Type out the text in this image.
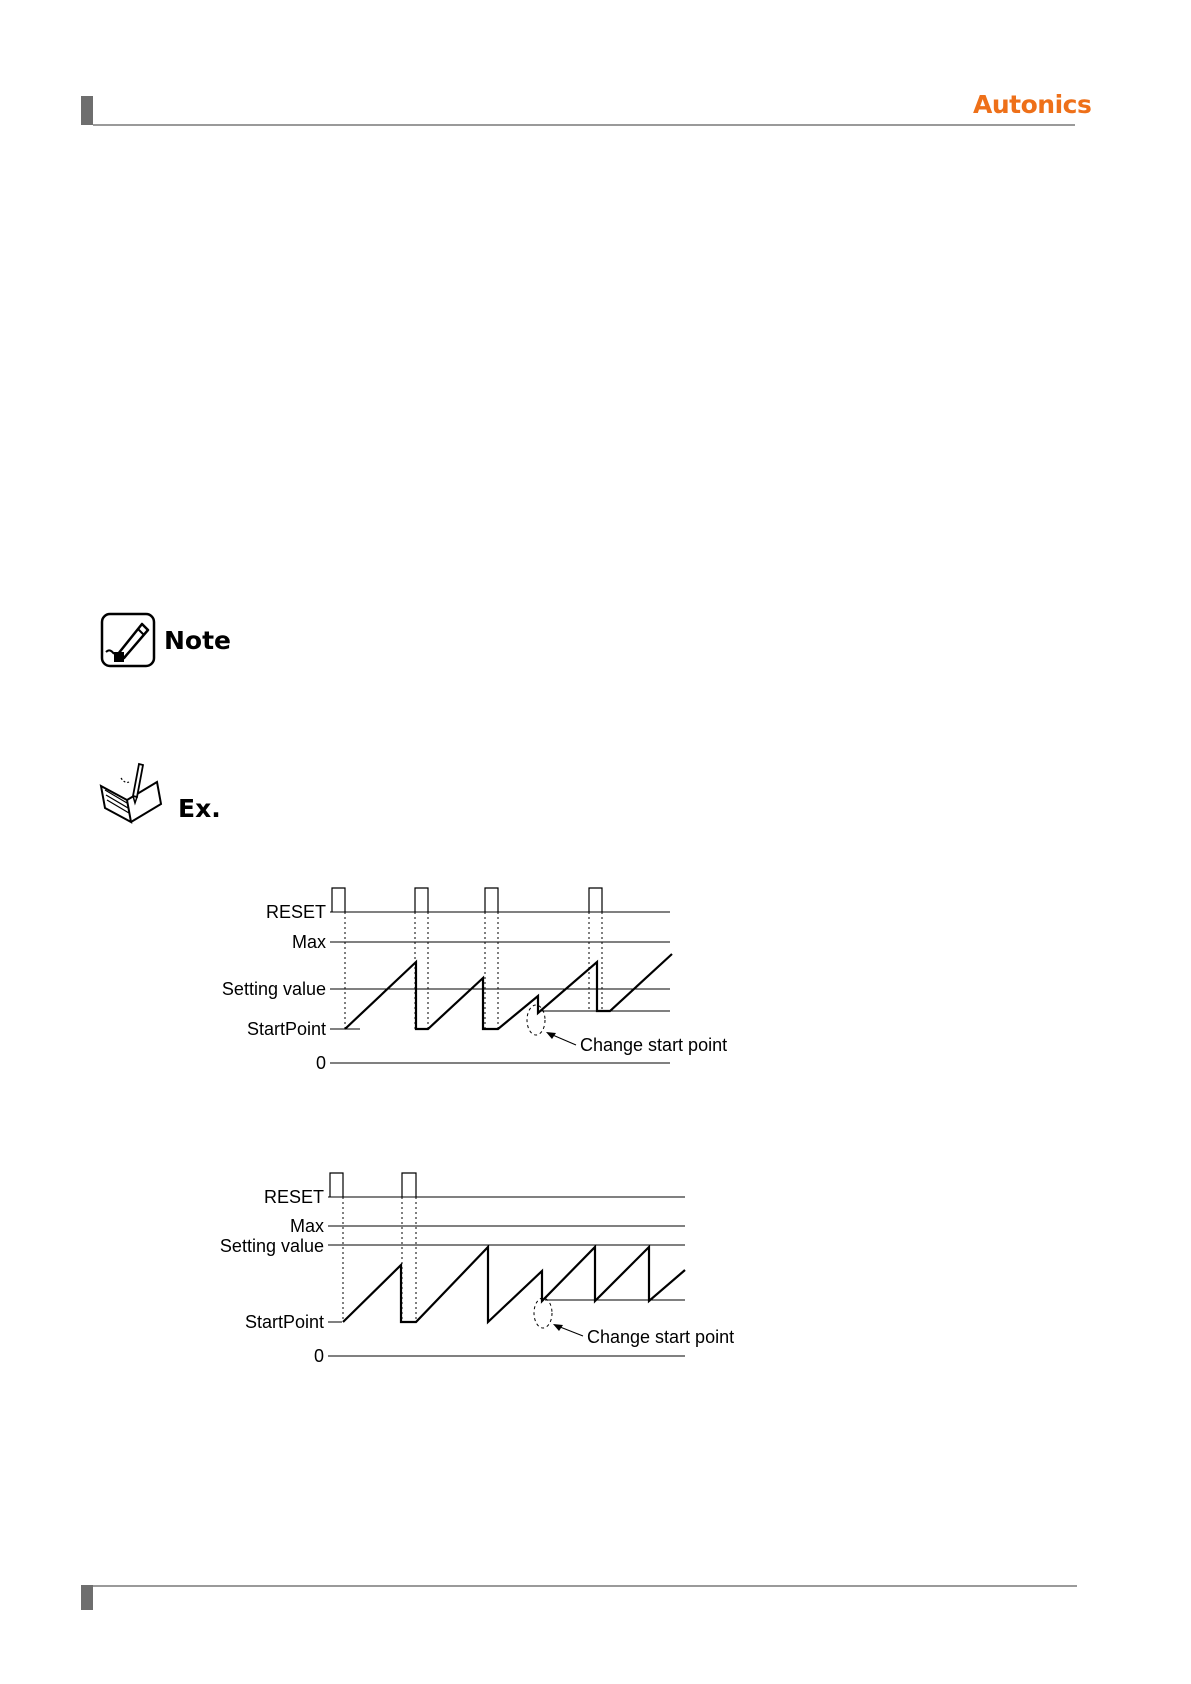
Autonics
Note
Ex.
RESET
Max
Setting value
StartPoint
0
Change start point
RESET
Max
Setting value
StartPoint
0
Change start point
